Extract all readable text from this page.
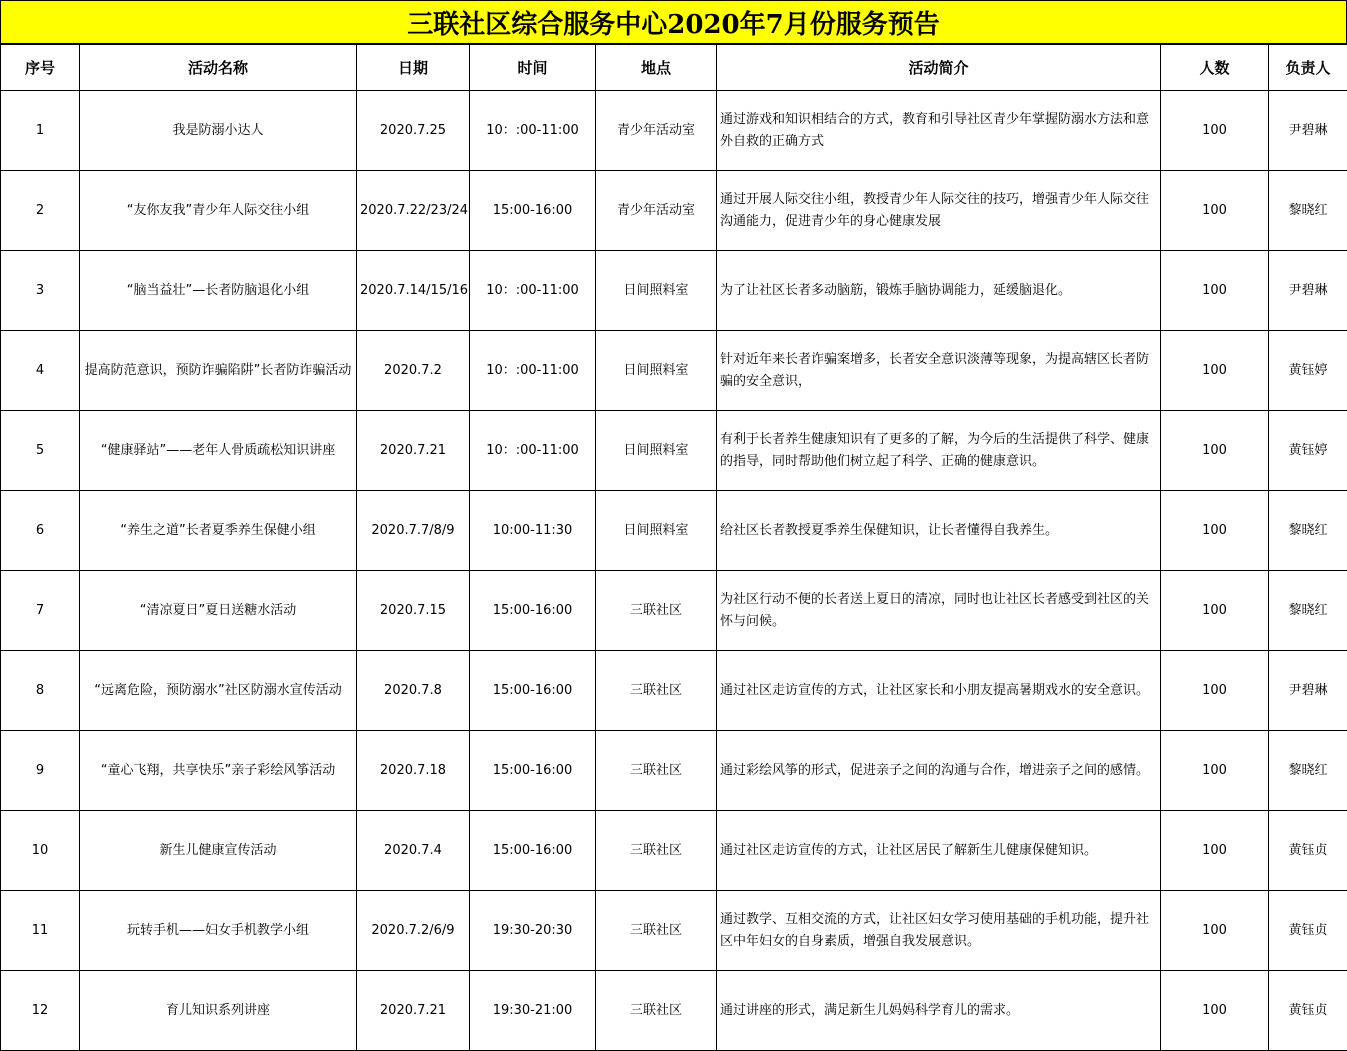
三联社区综合服务中心2020年7月份服务预告
序号	活动名称	日期	时间	地点	活动简介	人数	负责人
1	我是防溺小达人	2020.7.25	10：:00-11:00	青少年活动室	通过游戏和知识相结合的方式，教育和引导社区青少年掌握防溺水方法和意外自救的正确方式	100	尹碧琳
2	“友你友我”青少年人际交往小组	2020.7.22/23/24	15:00-16:00	青少年活动室	通过开展人际交往小组，教授青少年人际交往的技巧，增强青少年人际交往沟通能力，促进青少年的身心健康发展	100	黎晓红
3	“脑当益壮”—长者防脑退化小组	2020.7.14/15/16	10：:00-11:00	日间照料室	为了让社区长者多动脑筋，锻炼手脑协调能力，延缓脑退化。	100	尹碧琳
4	提高防范意识，预防诈骗陷阱”长者防诈骗活动	2020.7.2	10：:00-11:00	日间照料室	针对近年来长者诈骗案增多，长者安全意识淡薄等现象，为提高辖区长者防骗的安全意识，	100	黄钰婷
5	“健康驿站”——老年人骨质疏松知识讲座	2020.7.21	10：:00-11:00	日间照料室	有利于长者养生健康知识有了更多的了解，为今后的生活提供了科学、健康的指导，同时帮助他们树立起了科学、正确的健康意识。	100	黄钰婷
6	“养生之道”长者夏季养生保健小组	2020.7.7/8/9	10:00-11:30	日间照料室	给社区长者教授夏季养生保健知识，让长者懂得自我养生。	100	黎晓红
7	“清凉夏日”夏日送糖水活动	2020.7.15	15:00-16:00	三联社区	为社区行动不便的长者送上夏日的清凉，同时也让社区长者感受到社区的关怀与问候。	100	黎晓红
8	“远离危险，预防溺水”社区防溺水宣传活动	2020.7.8	15:00-16:00	三联社区	通过社区走访宣传的方式，让社区家长和小朋友提高暑期戏水的安全意识。	100	尹碧琳
9	“童心飞翔，共享快乐”亲子彩绘风筝活动	2020.7.18	15:00-16:00	三联社区	通过彩绘风筝的形式，促进亲子之间的沟通与合作，增进亲子之间的感情。	100	黎晓红
10	新生儿健康宣传活动	2020.7.4	15:00-16:00	三联社区	通过社区走访宣传的方式，让社区居民了解新生儿健康保健知识。	100	黄钰贞
11	玩转手机——妇女手机教学小组	2020.7.2/6/9	19:30-20:30	三联社区	通过教学、互相交流的方式，让社区妇女学习使用基础的手机功能，提升社区中年妇女的自身素质，增强自我发展意识。	100	黄钰贞
12	育儿知识系列讲座	2020.7.21	19:30-21:00	三联社区	通过讲座的形式，满足新生儿妈妈科学育儿的需求。	100	黄钰贞
